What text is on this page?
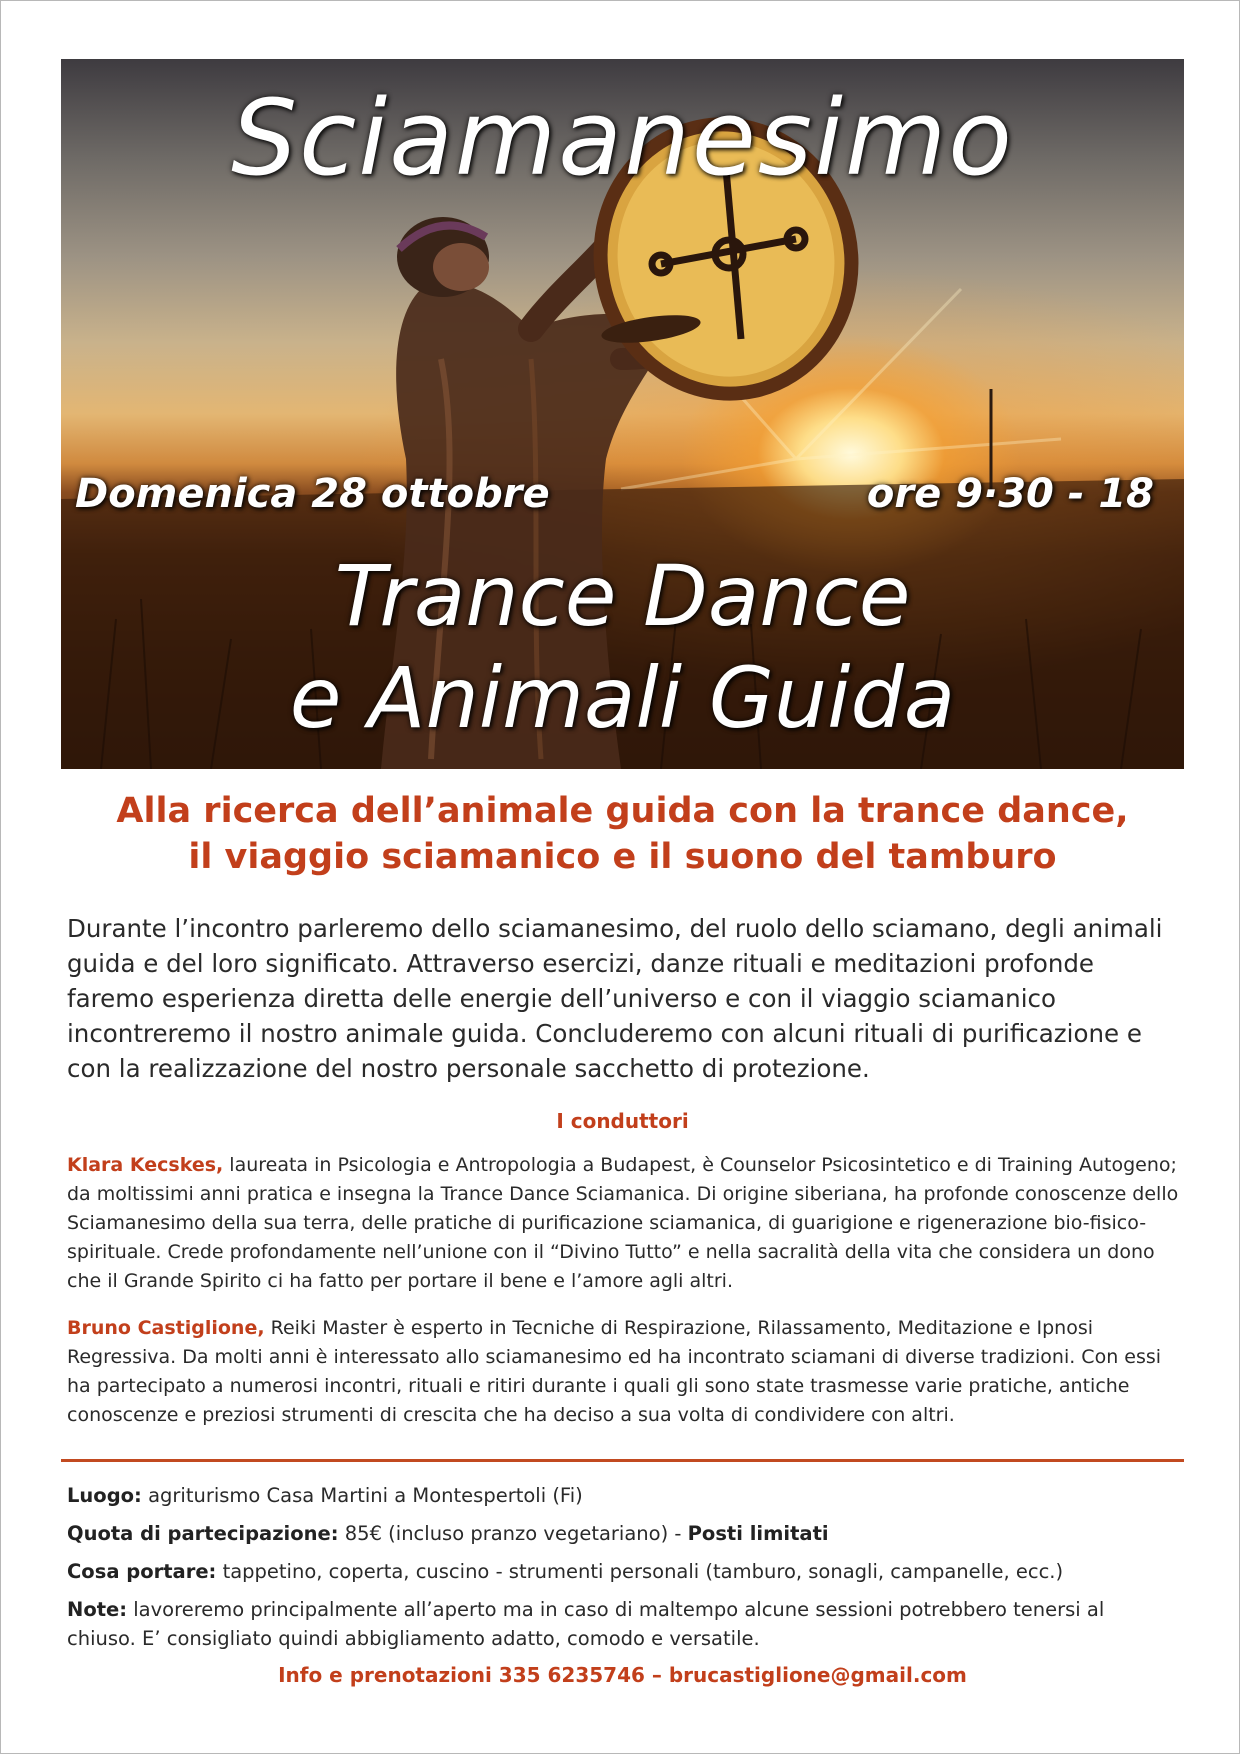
Sciamanesimo
Domenica 28 ottobre	ore 9·30 - 18
Trance Dance
e Animali Guida

Alla ricerca dell’animale guida con la trance dance,

il viaggio sciamanico e il suono del tamburo

Durante l’incontro parleremo dello sciamanesimo, del ruolo dello sciamano, degli animali guida e del loro significato. Attraverso esercizi, danze rituali e meditazioni profonde faremo esperienza diretta delle energie dell’universo e con il viaggio sciamanico incontreremo il nostro animale guida. Concluderemo con alcuni rituali di purificazione e con la realizzazione del nostro personale sacchetto di protezione.

I conduttori

Klara Kecskes, laureata in Psicologia e Antropologia a Budapest, è Counselor Psicosintetico e di Training Autogeno; da moltissimi anni pratica e insegna la Trance Dance Sciamanica. Di origine siberiana, ha profonde conoscenze dello Sciamanesimo della sua terra, delle pratiche di purificazione sciamanica, di guarigione e rigenerazione bio-fisico-spirituale. Crede profondamente nell’unione con il “Divino Tutto” e nella sacralità della vita che considera un dono che il Grande Spirito ci ha fatto per portare il bene e l’amore agli altri.

Bruno Castiglione, Reiki Master è esperto in Tecniche di Respirazione, Rilassamento, Meditazione e Ipnosi Regressiva. Da molti anni è interessato allo sciamanesimo ed ha incontrato sciamani di diverse tradizioni. Con essi ha partecipato a numerosi incontri, rituali e ritiri durante i quali gli sono state trasmesse varie pratiche, antiche conoscenze e preziosi strumenti di crescita che ha deciso a sua volta di condividere con altri.

Luogo: agriturismo Casa Martini a Montespertoli (Fi)

Quota di partecipazione: 85€ (incluso pranzo vegetariano) - Posti limitati

Cosa portare: tappetino, coperta, cuscino - strumenti personali (tamburo, sonagli, campanelle, ecc.)

Note: lavoreremo principalmente all’aperto ma in caso di maltempo alcune sessioni potrebbero tenersi al chiuso. E’ consigliato quindi abbigliamento adatto, comodo e versatile.

Info e prenotazioni 335 6235746 – brucastiglione@gmail.com
